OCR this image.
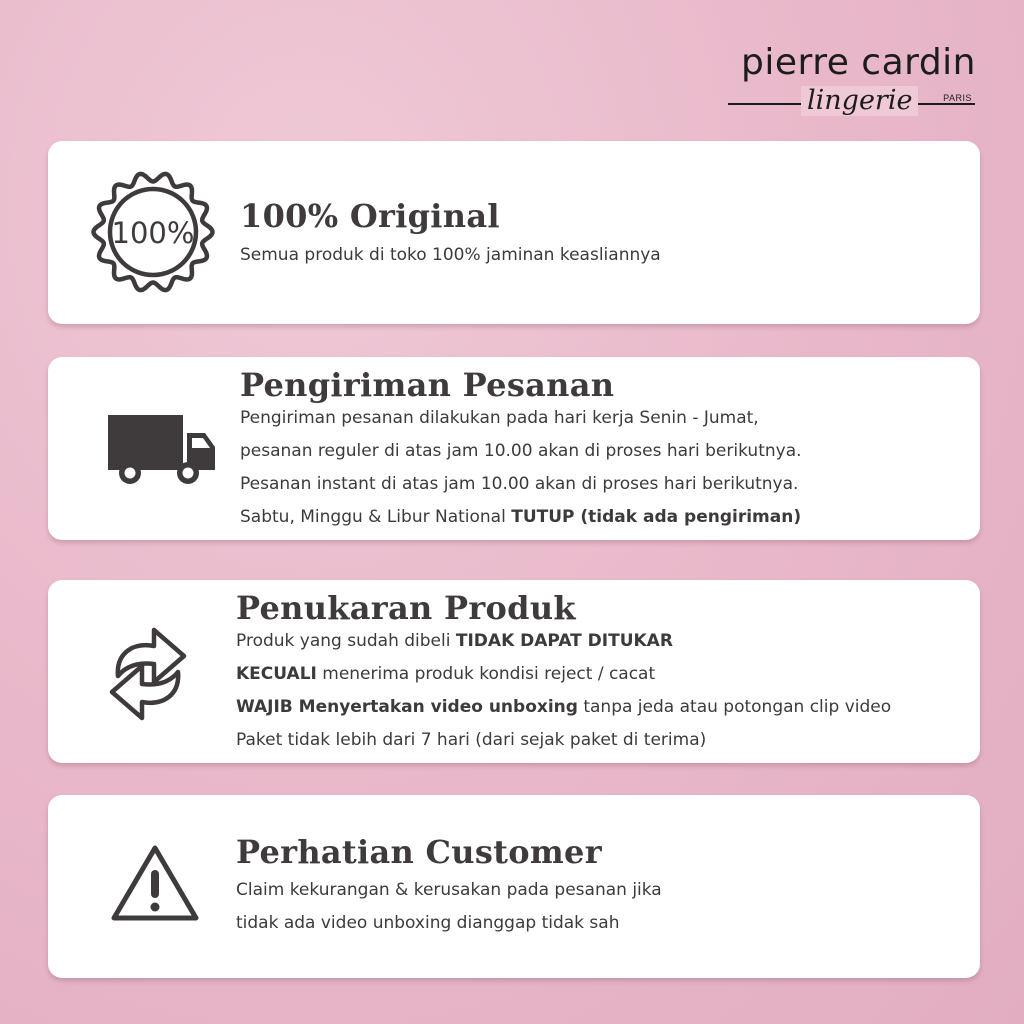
pierre cardin
lingerie	PARIS
100% 100% Original
Semua produk di toko 100% jaminan keasliannya
Pengiriman Pesanan
Pengiriman pesanan dilakukan pada hari kerja Senin - Jumat,
pesanan reguler di atas jam 10.00 akan di proses hari berikutnya.
Pesanan instant di atas jam 10.00 akan di proses hari berikutnya.
Sabtu, Minggu & Libur National TUTUP (tidak ada pengiriman)
Penukaran Produk
Produk yang sudah dibeli TIDAK DAPAT DITUKAR
KECUALI menerima produk kondisi reject / cacat
WAJIB Menyertakan video unboxing tanpa jeda atau potongan clip video
Paket tidak lebih dari 7 hari (dari sejak paket di terima)
Perhatian Customer
Claim kekurangan & kerusakan pada pesanan jika
tidak ada video unboxing dianggap tidak sah
